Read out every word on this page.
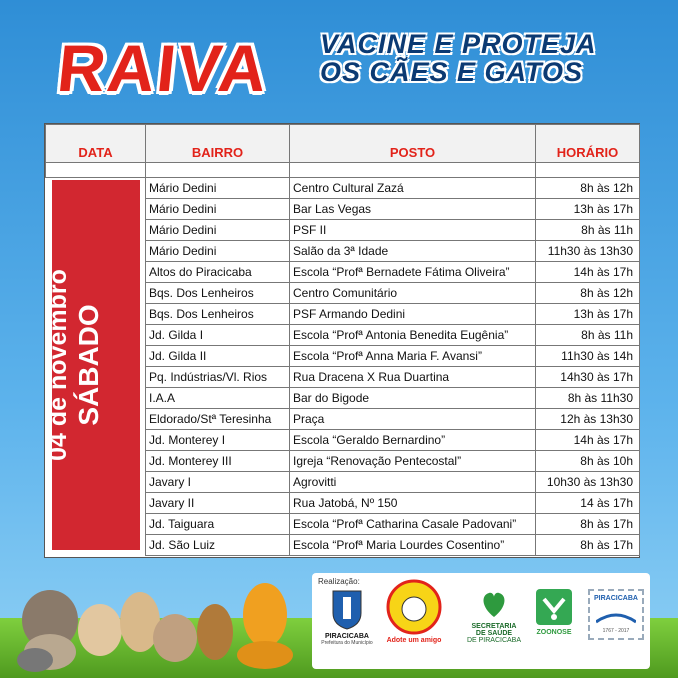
RAIVA VACINE E PROTEJA
OS CÃES E GATOS
DATA	BAIRRO	POSTO	HORÁRIO

	Mário Dedini	Centro Cultural Zazá	8h às 12h
	Mário Dedini	Bar Las Vegas	13h às 17h
	Mário Dedini	PSF II	8h às 11h
	Mário Dedini	Salão da 3ª Idade	11h30 às 13h30
	Altos do Piracicaba	Escola “Profª Bernadete Fátima Oliveira”	14h às 17h
	Bqs. Dos Lenheiros	Centro Comunitário	8h às 12h
	Bqs. Dos Lenheiros	PSF Armando Dedini	13h às 17h
	Jd. Gilda I	Escola “Profª Antonia Benedita Eugênia”	8h às 11h
	Jd. Gilda II	Escola “Profª Anna Maria F. Avansi”	11h30 às 14h
	Pq. Indústrias/Vl. Rios	Rua Dracena X Rua Duartina	14h30 às 17h
	I.A.A	Bar do Bigode	8h às 11h30
	Eldorado/Stª Teresinha	Praça	12h às 13h30
	Jd. Monterey I	Escola “Geraldo Bernardino”	14h às 17h
	Jd. Monterey III	Igreja “Renovação Pentecostal”	8h às 10h
	Javary I	Agrovitti	10h30 às 13h30
	Javary II	Rua Jatobá, Nº 150	14 às 17h
	Jd. Taiguara	Escola “Profª Catharina Casale Padovani”	8h às 17h
	Jd. São Luiz	Escola “Profª Maria Lourdes Cosentino”	8h às 17h
04 de novembro SÁBADO
Realização:
PIRACICABA
Prefeitura do Município	Adote um amigo
SECRETARIA
DE SAÚDE
DE PIRACICABA
ZOONOSE
PIRACICABA
1767 - 2017
